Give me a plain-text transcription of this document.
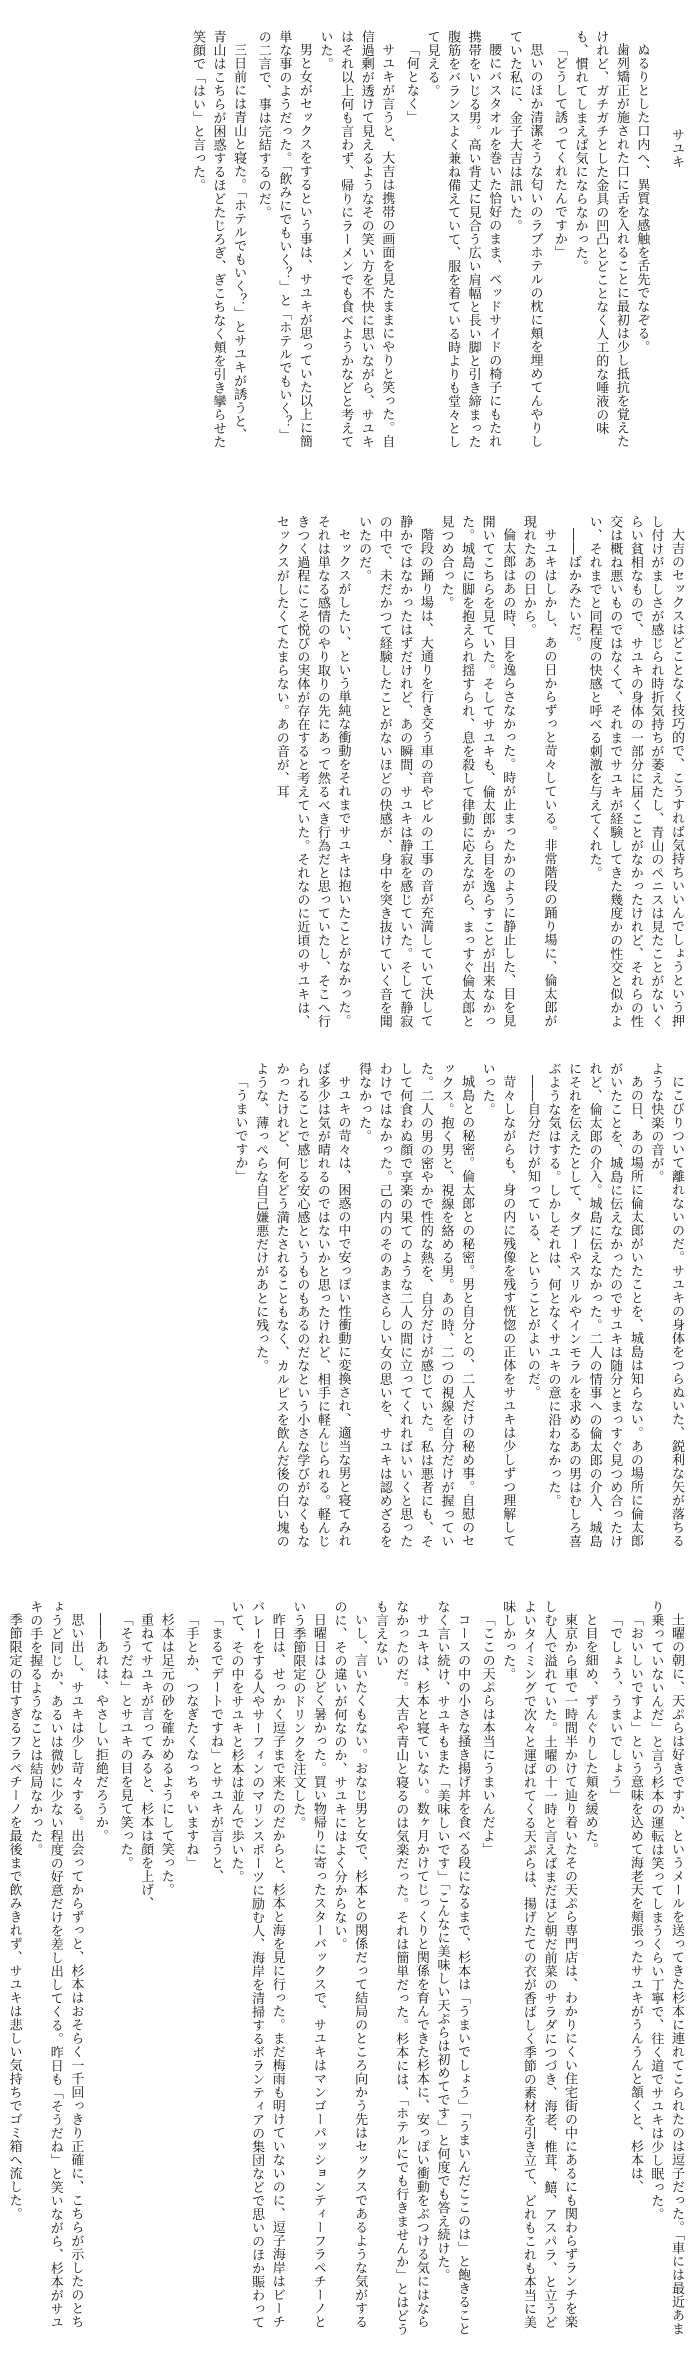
サユキ

ぬるりとした口内へ、異質な感触を舌先でなぞる。

歯列矯正が施された口に舌を入れることに最初は少し抵抗を覚えたけれど、ガチガチとした金具の凹凸とどことなく人工的な唾液の味も、慣れてしまえば気にならなかった。

「どうして誘ってくれたんですか」

思いのほか清潔そうな匂いのラブホテルの枕に頬を埋めてんやりしていた私に、金子大吉は訊いた。

腰にバスタオルを巻いた恰好のまま、ベッドサイドの椅子にもたれ携帯をいじる男。高い背丈に見合う広い肩幅と長い脚と引き締まった腹筋をバランスよく兼ね備えていて、服を着ている時よりも堂々として見える。

「何となく」

サユキが言うと、大吉は携帯の画面を見たままにやりと笑った。自信過剰が透けて見えるようなその笑い方を不快に思いながら、サユキはそれ以上何も言わず、帰りにラーメンでも食べようかなどと考えていた。

男と女がセックスをするという事は、サユキが思っていた以上に簡単な事のようだった。「飲みにでもいく？」と「ホテルでもいく？」の二言で、事は完結するのだ。

三日前には青山と寝た。「ホテルでもいく？」とサユキが誘うと、青山はこちらが困惑するほどたじろぎ、ぎこちなく頬を引き攣らせた笑顔で「はい」と言った。

大吉のセックスはどことなく技巧的で、こうすれば気持ちいいんでしょうという押し付けがましさが感じられ時折気持ちが萎えたし、青山のペニスは見たことがないくらい貧相なもので、サユキの身体の一部分に届くことがなかったけれど、それらの性交は概ね悪いものではなくて、それまでサユキが経験してきた幾度かの性交と似かよい、それまでと同程度の快感と呼べる刺激を与えてくれた。

――ばかみたいだ。

サユキはしかし、あの日からずっと苛々している。非常階段の踊り場に、倫太郎が現れたあの日から。

倫太郎はあの時、目を逸らさなかった。時が止まったかのように静止した、目を見開いてこちらを見ていた。そしてサユキも、倫太郎から目を逸らすことが出来なかった。城島に脚を抱えられ揺すられ、息を殺して律動に応えながら、まっすぐ倫太郎と見つめ合った。

階段の踊り場は、大通りを行き交う車の音やビルの工事の音が充満していて決して静かではなかったはずだけれど、あの瞬間、サユキは静寂を感じていた。そして静寂の中で、未だかつて経験したことがないほどの快感が、身中を突き抜けていく音を聞いたのだ。

セックスがしたい、という単純な衝動をそれまでサユキは抱いたことがなかった。それは単なる感情のやり取りの先にあって然るべき行為だと思っていたし、そこへ行きつく過程にこそ悦びの実体が存在すると考えていた。それなのに近頃のサユキは、セックスがしたくてたまらない。あの音が、耳

にこびりついて離れないのだ。サユキの身体をつらぬいた、鋭利な矢が落ちるような快楽の音が。

あの日、あの場所に倫太郎がいたことを、城島は知らない。あの場所に倫太郎がいたことを、城島に伝えなかったのでサユキは随分とまっすぐ見つめ合ったけれど、倫太郎の介入。城島に伝えなかった。二人の情事への倫太郎の介入、城島にそれを伝えたとして、タブーやスリルやインモラルを求めるあの男はむしろ喜ぶような気はする。しかしそれは、何となくサユキの意に沿わなかった。

――自分だけが知っている、ということがよいのだ。

苛々しながらも、身の内に残像を残す恍惚の正体をサユキは少しずつ理解していった。

城島との秘密。倫太郎との秘密。男と自分との、二人だけの秘め事。自慰のセックス。抱く男と、視線を絡める男。あの時、二つの視線を自分だけが握っていた。二人の男の密やかで性的な熱を、自分だけが感じていた。私は悪者にも、そして何食わぬ顔で享楽の果てのような二人の間に立ってくれればいいくと思ったわけではなかった。己の内のそのあまさらしい女の思いを、サユキは認めざるを得なかった。

サユキの苛々は、困惑の中で安っぽい性衝動に変換され、適当な男と寝てみれば多少は気が晴れるのではないかと思ったけれど、相手に軽んじられる。軽んじられることで感じる安心感というものもあるのだなという小さな学びがなくもなかったけれど、何をどう満たされることもなく、カルピスを飲んだ後の白い塊のような、薄っぺらな自己嫌悪だけがあとに残った。

「うまいですか」

土曜の朝に、天ぷらは好きですか、というメールを送ってきた杉本に連れてこられたのは逗子だった。「車には最近あまり乗っていないんだ」と言う杉本の運転は笑ってしまうくらい丁寧で、往く道でサユキは少し眠った。

「おいしいですよ」という意味を込めて海老天を頬張ったサユキがうんうんと頷くと、杉本は、

「でしょう、うまいでしょう」

と目を細め、ずんぐりした頬を緩めた。

東京から車で一時間半かけて辿り着いたその天ぷら専門店は、わかりにくい住宅街の中にあるにも関わらずランチを楽しむ人で溢れていた。土曜の十一時と言えばまだほど朝だ前菜のサラダにつづき、海老、椎茸、鱚、アスパラ、と立うどよいタイミングで次々と運ばれてくる天ぷらは、揚げたての衣が香ばしく季節の素材を引き立て、どれもこれも本当に美味しかった。

「ここの天ぷらは本当にうまいんだよ」

コースの中の小さな掻き揚げ丼を食べる段になるまで、杉本は「うまいでしょう」「うまいんだここのは」と飽きることなく言い続け、サユキもまた「美味しいです」「こんなに美味しい天ぷらは初めてです」と何度でも答え続けた。

サユキは、杉本と寝ていない。数ヶ月かけてじっくりと関係を育んできた杉本に、安っぽい衝動をぶつける気にはならなかったのだ。大吉や青山と寝るのは気楽だった。それは簡単だった。杉本には、「ホテルにでも行きませんか」とはどうも言えない

いし、言いたくもない。おなじ男と女で、杉本との関係だって結局のところ向かう先はセックスであるような気がするのに、その違いが何なのか、サユキにはよく分からない。

日曜日はひどく暑かった。買い物帰りに寄ったスターバックスで、サユキはマンゴーパッションティーフラペチーノという季節限定のドリンクを注文した。

昨日は、せっかく逗子まで来たのだからと、杉本と海を見に行った。まだ梅雨も明けていないのに、逗子海岸はビーチバレーをする人やサーフィンのマリンスポーツに励む人、海岸を清掃するボランティアの集団などで思いのほか賑わっていて、その中をサユキと杉本は並んで歩いた。

「まるでデートですね」とサユキが言うと、

「手とか、つなぎたくなっちゃいますね」

杉本は足元の砂を確かめるようにして笑った。

重ねてサユキが言ってみると、杉本は顔を上げ、

「そうだね」とサユキの目を見て笑った。

――あれは、やさしい拒絶だろうか。

思い出し、サユキは少し苛々する。出会ってからずっと、杉本はおそらく一千回っきり正確に、こちらが示したのとちょうど同じか、あるいは微妙に少ない程度の好意だけを差し出してくる。昨日も「そうだね」と笑いながら、杉本がサユキの手を握るようなことは結局なかった。

季節限定の甘すぎるフラペチーノを最後まで飲みきれず、サユキは悲しい気持ちでゴミ箱へ流した。
